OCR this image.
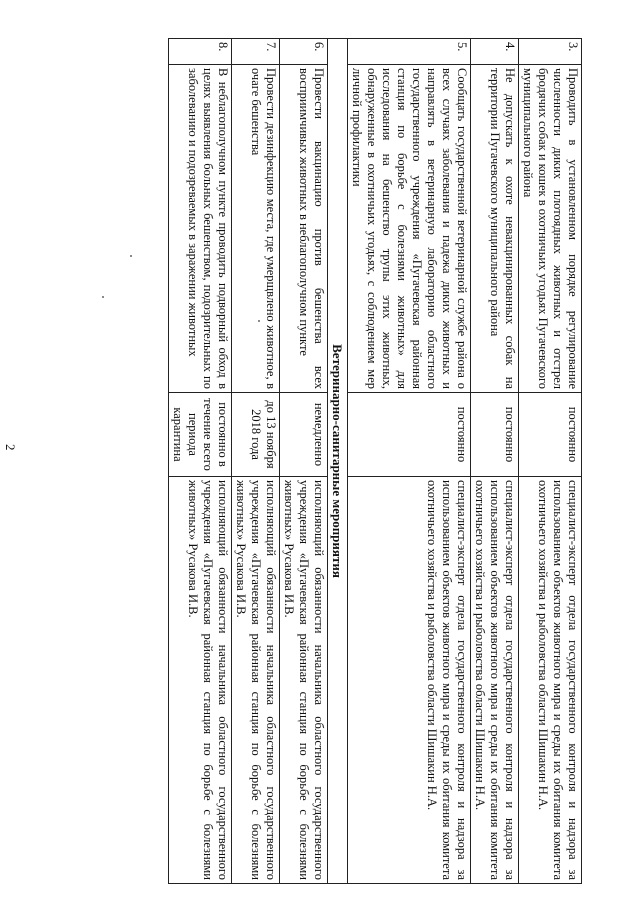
2
3.	Проводить в установленном порядке регулирование численности диких плотоядных животных и отстрел бродячих собак и кошек в охотничьих угодьях Пугачевского муниципального района	постоянно	специалист-эксперт отдела государственного контроля и надзора за использованием объектов животного мира и среды их обитания комитета охотничьего хозяйства и рыболовства области Шишакин Н.А.
4.	Не допускать к охоте невакцинированных собак на территории Пугачевского муниципального района	постоянно	специалист-эксперт отдела государственного контроля и надзора за использованием объектов животного мира и среды их обитания комитета охотничьего хозяйства и рыболовства области Шишакин Н.А.
5.	Сообщать государственной ветеринарной службе района о всех случаях заболевания и падежа диких животных и направлять в ветеринарную лабораторию областного государственного учреждения «Пугачевская районная станция по борьбе с болезнями животных» для исследования на бешенство трупы этих животных, обнаруженные в охотничьих угодьях, с соблюдением мер личной профилактики	постоянно	специалист-эксперт отдела государственного контроля и надзора за использованием объектов животного мира и среды их обитания комитета охотничьего хозяйства и рыболовства области Шишакин Н.А.
Ветеринарно-санитарные мероприятия			
6.	Провести вакцинацию против бешенства всех восприимчивых животных в неблагополучном пункте	немедленно	исполняющий обязанности начальника областного государственного учреждения «Пугачевская районная станция по борьбе с болезнями животных» Русакова И.В.
7.	Провести дезинфекцию места, где умерщвлено животное, в очаге бешенства	до 13 ноября 2018 года	исполняющий обязанности начальника областного государственного учреждения «Пугачевская районная станция по борьбе с болезнями животных» Русакова И.В.
8.	В неблагополучном пункте проводить подворный обход в целях выявления больных бешенством, подозрительных по заболеванию и подозреваемых в заражении животных	постоянно в течение всего периода карантина	исполняющий обязанности начальника областного государственного учреждения «Пугачевская районная станция по борьбе с болезнями животных» Русакова И.В.
